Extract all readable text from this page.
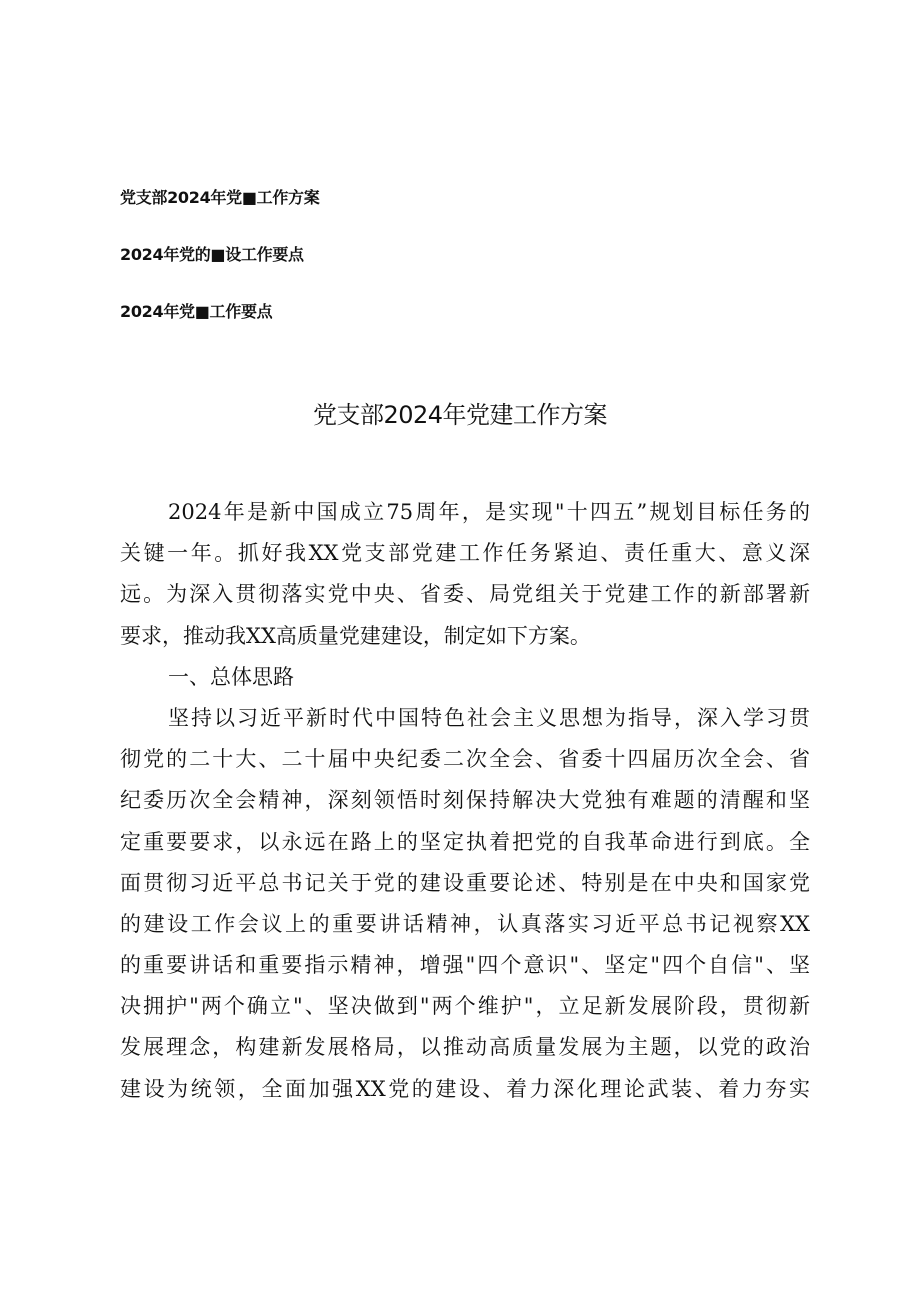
党支部2024年党■工作方案
2024年党的■设工作要点
2024年党■工作要点
党支部2024年党建工作方案
2024年是新中国成立75周年，是实现"十四五”规划目标任务的
关键一年。抓好我XX党支部党建工作任务紧迫、责任重大、意义深
远。为深入贯彻落实党中央、省委、局党组关于党建工作的新部署新
要求，推动我XX高质量党建建设，制定如下方案。
一、总体思路
坚持以习近平新时代中国特色社会主义思想为指导，深入学习贯
彻党的二十大、二十届中央纪委二次全会、省委十四届历次全会、省
纪委历次全会精神，深刻领悟时刻保持解决大党独有难题的清醒和坚
定重要要求，以永远在路上的坚定执着把党的自我革命进行到底。全
面贯彻习近平总书记关于党的建设重要论述、特别是在中央和国家党
的建设工作会议上的重要讲话精神，认真落实习近平总书记视察XX
的重要讲话和重要指示精神，增强"四个意识"、坚定"四个自信"、坚
决拥护"两个确立"、坚决做到"两个维护"，立足新发展阶段，贯彻新
发展理念，构建新发展格局，以推动高质量发展为主题，以党的政治
建设为统领，全面加强XX党的建设、着力深化理论武装、着力夯实
